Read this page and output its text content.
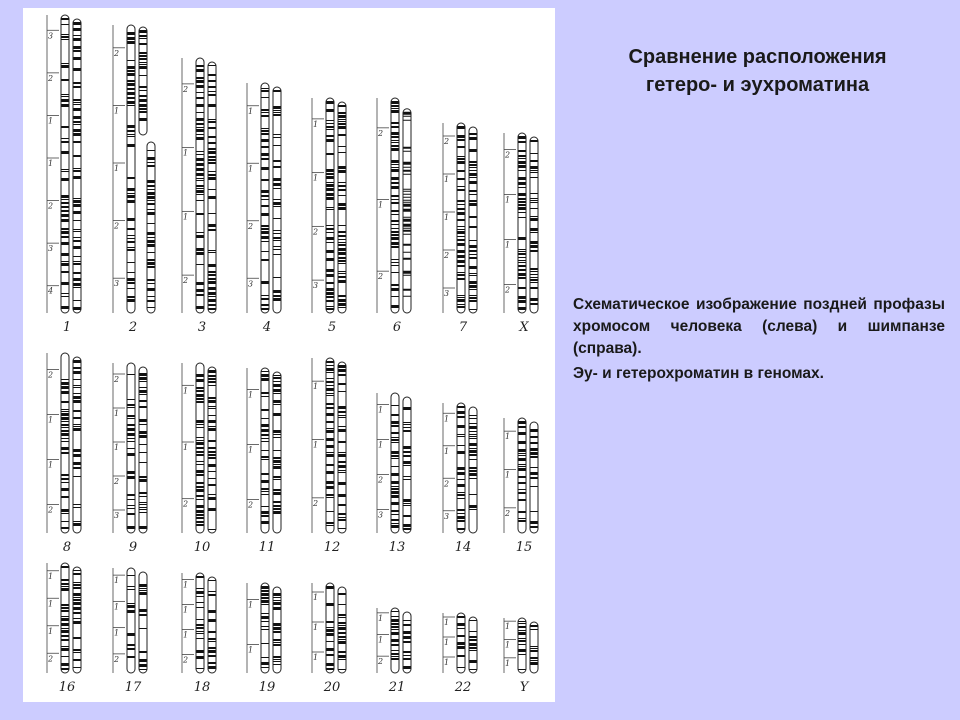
3
2
1
1
2
3
4
1
2
1
1
2
3
2
2
1
1
2
3
1
1
2
3
4
1
1
2
3
5
2
1
2
6
2
1
1
2
3
7
2
1
1
2
X
2
1
1
2
8
2
1
1
2
3
9
1
1
2
10
1
1
2
11
1
1
2
12
1
1
2
3
13
1
1
2
3
14
1
1
2
15
1
1
1
2
16
1
1
1
2
17
1
1
1
2
18
1
1
19
1
1
1
20
1
1
2
21
1
1
1
22
1
1
1
Y
Сравнение расположения
гетеро- и эухроматина

Схематическое изображение поздней профазы хромосом человека (слева) и шимпанзе (справа).

Эу- и гетерохроматин в геномах.
